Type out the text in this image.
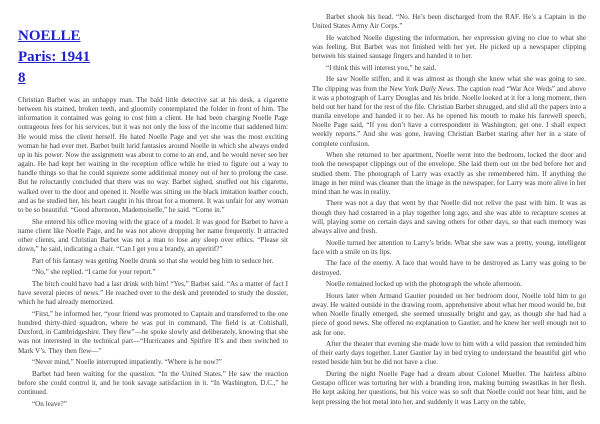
NOELLE
Paris: 1941
8

Christian Barbet was an unhappy man. The bald little detective sat at his desk, a cigarette between his stained, broken teeth, and gloomily contemplated the folder in front of him. The information it contained was going to cost him a client. He had been charging Noelle Page outrageous fees for his services, but it was not only the loss of the income that saddened him: He would miss the client herself. He hated Noelle Page and yet she was the most exciting woman he had ever met. Barbet built lurid fantasies around Noelle in which she always ended up in his power. Now the assignment was about to come to an end, and he would never see her again. He had kept her waiting in the reception office while he tried to figure out a way to handle things so that he could squeeze some additional money out of her to prolong the case. But he reluctantly concluded that there was no way. Barbet sighed, snuffed out his cigarette, walked over to the door and opened it. Noelle was sitting on the black imitation leather couch, and as he studied her, his heart caught in his throat for a moment. It was unfair for any woman to be so beautiful. “Good afternoon, Mademoiselle,” he said. “Come in.”

She entered his office moving with the grace of a model. It was good for Barbet to have a name client like Noelle Page, and he was not above dropping her name frequently. It attracted other clients, and Christian Barbet was not a man to lose any sleep over ethics. “Please sit down,” he said, indicating a chair. “Can I get you a brandy, an aperitif?”

Part of his fantasy was getting Noelle drunk so that she would beg him to seduce her.

“No,” she replied. “I came for your report.”

The bitch could have had a last drink with him! “Yes,” Barbet said. “As a matter of fact I have several pieces of news.” He reached over to the desk and pretended to study the dossier, which he had already memorized.

“First,” he informed her, “your friend was promoted to Captain and transferred to the one hundred thirty-third squadron, where he was put in command. The field is at Coltishall, Duxford, in Cambridgeshire. They flew”—he spoke slowly and deliberately, knowing that she was not interested in the technical part—“Hurricanes and Spitfire II’s and then switched to Mark V’s. They then flew—”

“Never mind,” Noelle interrupted impatiently. “Where is he now?”

Barbet had been waiting for the question. “In the United States.” He saw the reaction before she could control it, and he took savage satisfaction in it. “In Washington, D.C.,” he continued.

“On leave?”

Barbet shook his head. “No. He’s been discharged from the RAF. He’s a Captain in the United States Army Air Corps.”

He watched Noelle digesting the information, her expression giving no clue to what she was feeling. But Barbet was not finished with her yet. He picked up a newspaper clipping between his stained sausage fingers and handed it to her.

“I think this will interest you,” he said.

He saw Noelle stiffen, and it was almost as though she knew what she was going to see. The clipping was from the New York Daily News. The caption read “War Ace Weds” and above it was a photograph of Larry Douglas and his bride. Noelle looked at it for a long moment, then held out her hand for the rest of the file. Christian Barbet shrugged, and slid all the papers into a manila envelope and handed it to her. As he opened his mouth to make his farewell speech, Noelle Page said, “If you don’t have a correspondent in Washington, get one. I shall expect weekly reports.” And she was gone, leaving Christian Barbet staring after her in a state of complete confusion.

When she returned to her apartment, Noelle went into the bedroom, locked the door and took the newspaper clippings out of the envelope. She laid them out on the bed before her and studied them. The photograph of Larry was exactly as she remembered him. If anything the image in her mind was cleaner than the image in the newspaper, for Larry was more alive in her mind than he was in reality.

There was not a day that went by that Noelle did not relive the past with him. It was as though they had costarred in a play together long ago, and she was able to recapture scenes at will, playing some on certain days and saving others for other days, so that each memory was always alive and fresh.

Noelle turned her attention to Larry’s bride. What she saw was a pretty, young, intelligent face with a smile on its lips.

The face of the enemy. A face that would have to be destroyed as Larry was going to be destroyed.

Noelle remained locked up with the photograph the whole afternoon.

Hours later when Armand Gautier pounded on her bedroom door, Noelle told him to go away. He waited outside in the drawing room, apprehensive about what her mood would be, but when Noelle finally emerged, she seemed unusually bright and gay, as though she had had a piece of good news. She offered no explanation to Gautier, and he knew her well enough not to ask for one.

After the theater that evening she made love to him with a wild passion that reminded him of their early days together. Later Gautier lay in bed trying to understand the beautiful girl who rested beside him but he did not have a clue.

During the night Noelle Page had a dream about Colonel Mueller. The hairless albino Gestapo officer was torturing her with a branding iron, making burning swastikas in her flesh. He kept asking her questions, but his voice was so soft that Noelle could not hear him, and he kept pressing the hot metal into her, and suddenly it was Larry on the table,
